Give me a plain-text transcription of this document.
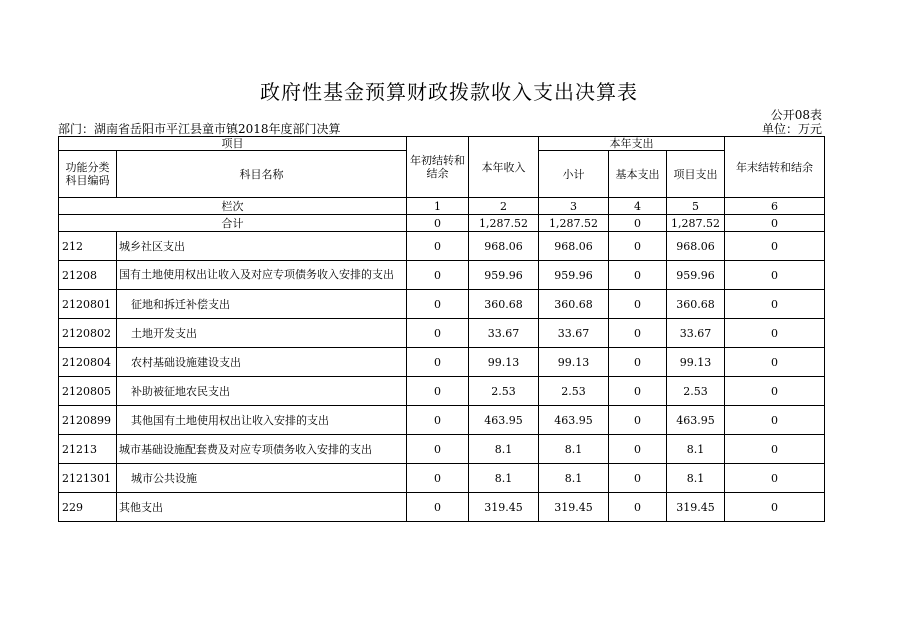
政府性基金预算财政拨款收入支出决算表
公开08表
部门：湖南省岳阳市平江县童市镇2018年度部门决算	单位：万元
项目		年初结转和结余	本年收入	本年支出			年末结转和结余
功能分类科目编码	科目名称			小计	基本支出	项目支出	
栏次		1	2	3	4	5	6
合计		0	1,287.52	1,287.52	0	1,287.52	0
212	城乡社区支出	0	968.06	968.06	0	968.06	0
21208	国有土地使用权出让收入及对应专项债务收入安排的支出	0	959.96	959.96	0	959.96	0
2120801	征地和拆迁补偿支出	0	360.68	360.68	0	360.68	0
2120802	土地开发支出	0	33.67	33.67	0	33.67	0
2120804	农村基础设施建设支出	0	99.13	99.13	0	99.13	0
2120805	补助被征地农民支出	0	2.53	2.53	0	2.53	0
2120899	其他国有土地使用权出让收入安排的支出	0	463.95	463.95	0	463.95	0
21213	城市基础设施配套费及对应专项债务收入安排的支出	0	8.1	8.1	0	8.1	0
2121301	城市公共设施	0	8.1	8.1	0	8.1	0
229	其他支出	0	319.45	319.45	0	319.45	0
